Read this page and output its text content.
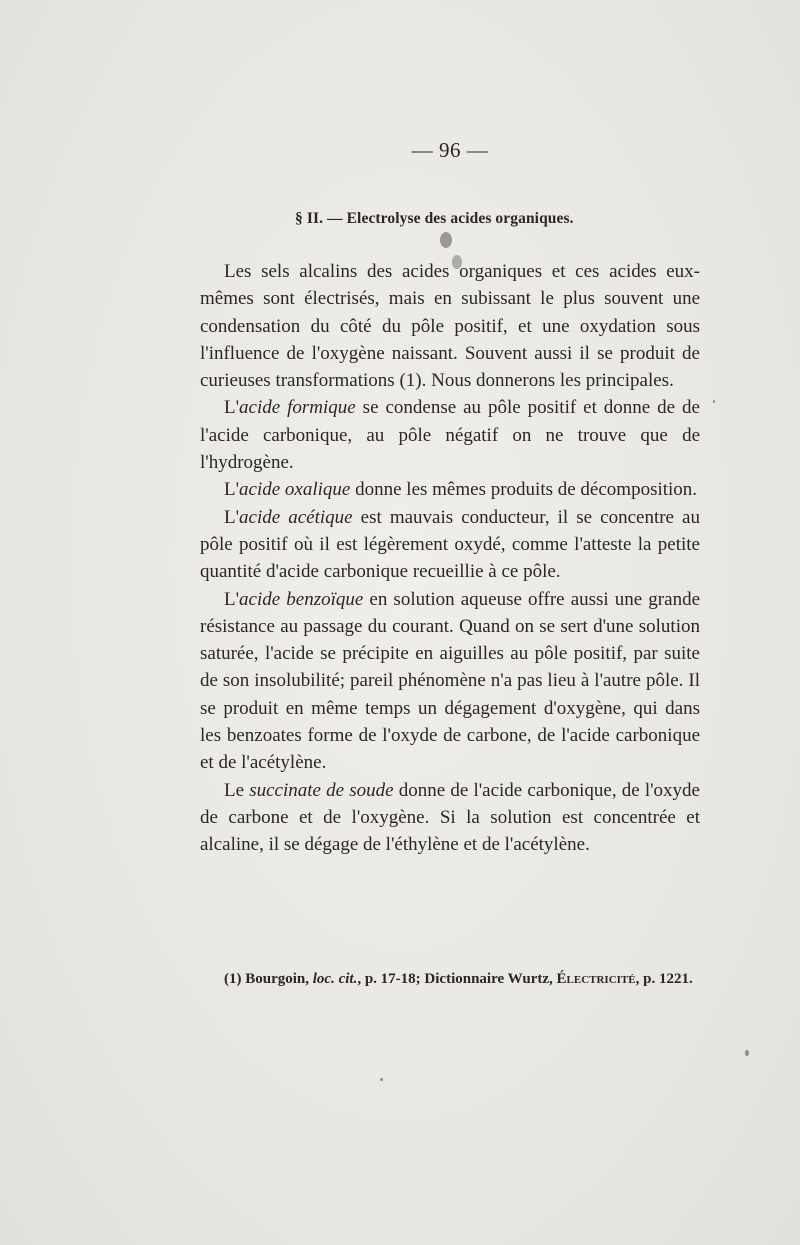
— 96 —
§ II. — Electrolyse des acides organiques.

Les sels alcalins des acides organiques et ces acides eux-mêmes sont électrisés, mais en subissant le plus souvent une condensation du côté du pôle positif, et une oxydation sous l'influence de l'oxygène naissant. Souvent aussi il se produit de curieuses transformations (1). Nous donnerons les principales.

L'acide formique se condense au pôle positif et donne de de l'acide carbonique, au pôle négatif on ne trouve que de l'hydrogène.

L'acide oxalique donne les mêmes produits de décomposition.

L'acide acétique est mauvais conducteur, il se concentre au pôle positif où il est légèrement oxydé, comme l'atteste la petite quantité d'acide carbonique recueillie à ce pôle.

L'acide benzoïque en solution aqueuse offre aussi une grande résistance au passage du courant. Quand on se sert d'une solution saturée, l'acide se précipite en aiguilles au pôle positif, par suite de son insolubilité; pareil phénomène n'a pas lieu à l'autre pôle. Il se produit en même temps un dégagement d'oxygène, qui dans les benzoates forme de l'oxyde de carbone, de l'acide carbonique et de l'acétylène.

Le succinate de soude donne de l'acide carbonique, de l'oxyde de carbone et de l'oxygène. Si la solution est concentrée et alcaline, il se dégage de l'éthylène et de l'acétylène.

(1) Bourgoin, loc. cit., p. 17-18; Dictionnaire Wurtz, Électricité, p. 1221.
